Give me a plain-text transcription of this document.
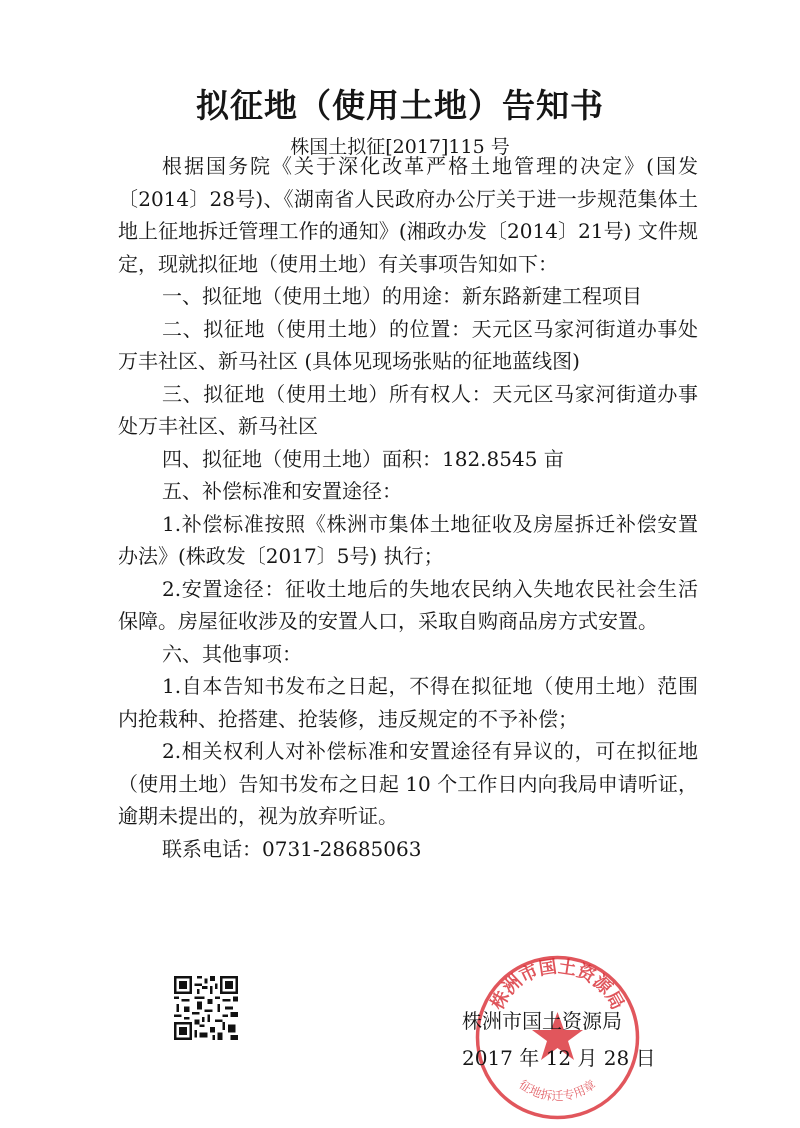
拟征地（使用土地）告知书
株国土拟征[2017]115 号

根据国务院《关于深化改革严格土地管理的决定》(国发〔2014〕28号)、《湖南省人民政府办公厅关于进一步规范集体土地上征地拆迁管理工作的通知》(湘政办发〔2014〕21号) 文件规定，现就拟征地（使用土地）有关事项告知如下：

一、拟征地（使用土地）的用途：新东路新建工程项目

二、拟征地（使用土地）的位置：天元区马家河街道办事处万丰社区、新马社区 (具体见现场张贴的征地蓝线图)

三、拟征地（使用土地）所有权人：天元区马家河街道办事处万丰社区、新马社区

四、拟征地（使用土地）面积：182.8545 亩

五、补偿标准和安置途径：

1.补偿标准按照《株洲市集体土地征收及房屋拆迁补偿安置办法》(株政发〔2017〕5号) 执行；

2.安置途径：征收土地后的失地农民纳入失地农民社会生活保障。房屋征收涉及的安置人口，采取自购商品房方式安置。

六、其他事项：

1.自本告知书发布之日起，不得在拟征地（使用土地）范围内抢栽种、抢搭建、抢装修，违反规定的不予补偿；

2.相关权利人对补偿标准和安置途径有异议的，可在拟征地（使用土地）告知书发布之日起 10 个工作日内向我局申请听证，逾期未提出的，视为放弃听证。

联系电话：0731-28685063

株洲市国土资源局
征地拆迁专用章
株洲市国土资源局
2017 年 12 月 28 日
